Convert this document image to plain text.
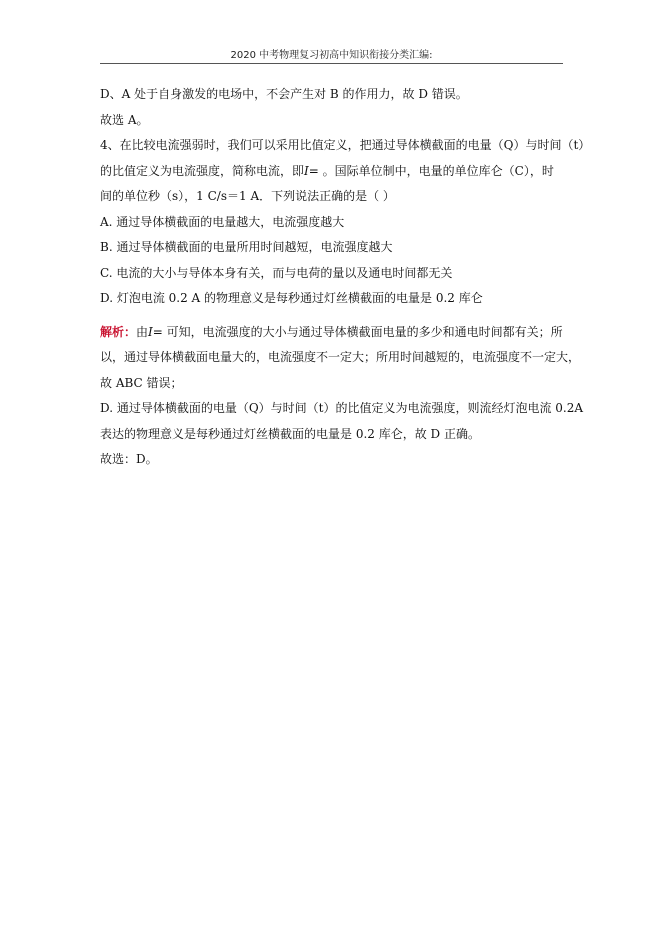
2020 中考物理复习初高中知识衔接分类汇编:
D、A 处于自身激发的电场中，不会产生对 B 的作用力，故 D 错误。
故选 A。
4、在比较电流强弱时，我们可以采用比值定义，把通过导体横截面的电量（Q）与时间（t）
的比值定义为电流强度，简称电流，即I= 。国际单位制中，电量的单位库仑（C），时
间的单位秒（s），1 C/s＝1 A．下列说法正确的是（ ）
A. 通过导体横截面的电量越大，电流强度越大
B. 通过导体横截面的电量所用时间越短，电流强度越大
C. 电流的大小与导体本身有关，而与电荷的量以及通电时间都无关
D. 灯泡电流 0.2 A 的物理意义是每秒通过灯丝横截面的电量是 0.2 库仑
解析：由I= 可知，电流强度的大小与通过导体横截面电量的多少和通电时间都有关；所
以，通过导体横截面电量大的，电流强度不一定大；所用时间越短的，电流强度不一定大，
故 ABC 错误；
D. 通过导体横截面的电量（Q）与时间（t）的比值定义为电流强度，则流经灯泡电流 0.2A
表达的物理意义是每秒通过灯丝横截面的电量是 0.2 库仑，故 D 正确。
故选：D。
